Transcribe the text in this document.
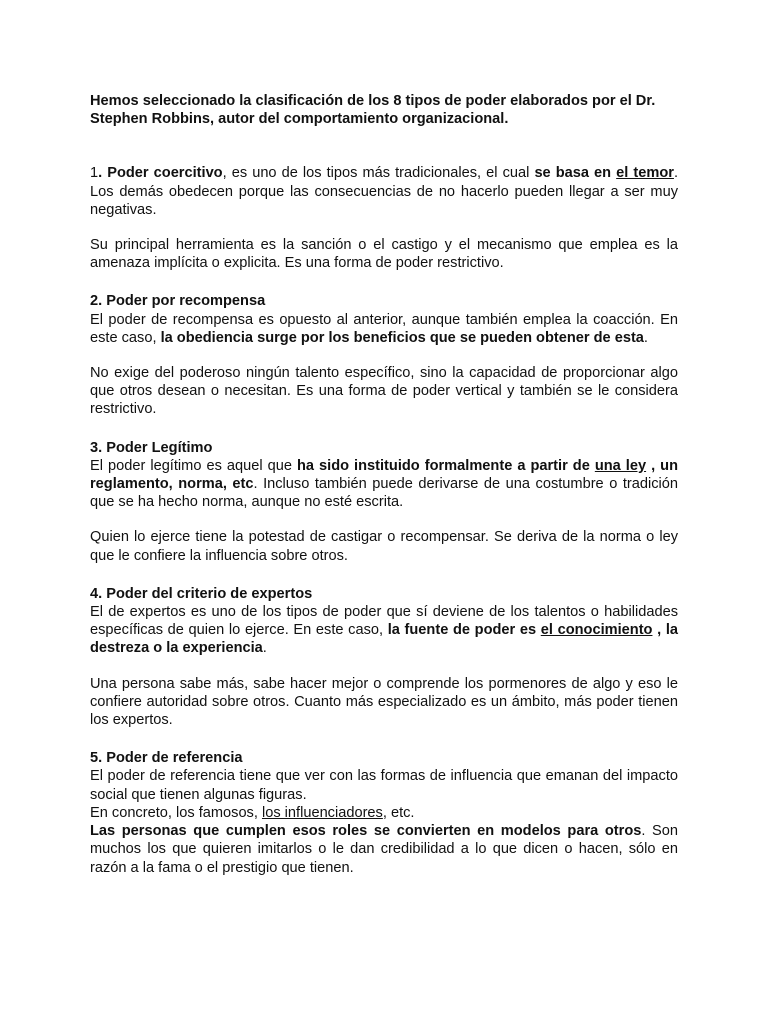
Hemos seleccionado la clasificación de los 8 tipos de poder elaborados por el Dr. Stephen Robbins, autor del comportamiento organizacional.

1. Poder coercitivo, es uno de los tipos más tradicionales, el cual se basa en el temor. Los demás obedecen porque las consecuencias de no hacerlo pueden llegar a ser muy negativas.

Su principal herramienta es la sanción o el castigo y el mecanismo que emplea es la amenaza implícita o explicita. Es una forma de poder restrictivo.

2. Poder por recompensa

El poder de recompensa es opuesto al anterior, aunque también emplea la coacción. En este caso, la obediencia surge por los beneficios que se pueden obtener de esta.

No exige del poderoso ningún talento específico, sino la capacidad de proporcionar algo que otros desean o necesitan. Es una forma de poder vertical y también se le considera restrictivo.

3. Poder Legítimo

El poder legítimo es aquel que ha sido instituido formalmente a partir de una ley , un reglamento, norma, etc. Incluso también puede derivarse de una costumbre o tradición que se ha hecho norma, aunque no esté escrita.

Quien lo ejerce tiene la potestad de castigar o recompensar. Se deriva de la norma o ley que le confiere la influencia sobre otros.

4. Poder del criterio de expertos

El de expertos es uno de los tipos de poder que sí deviene de los talentos o habilidades específicas de quien lo ejerce. En este caso, la fuente de poder es el conocimiento , la destreza o la experiencia.

Una persona sabe más, sabe hacer mejor o comprende los pormenores de algo y eso le confiere autoridad sobre otros. Cuanto más especializado es un ámbito, más poder tienen los expertos.

5. Poder de referencia

El poder de referencia tiene que ver con las formas de influencia que emanan del impacto social que tienen algunas figuras.

En concreto, los famosos, los influenciadores, etc.

Las personas que cumplen esos roles se convierten en modelos para otros. Son muchos los que quieren imitarlos o le dan credibilidad a lo que dicen o hacen, sólo en razón a la fama o el prestigio que tienen.
